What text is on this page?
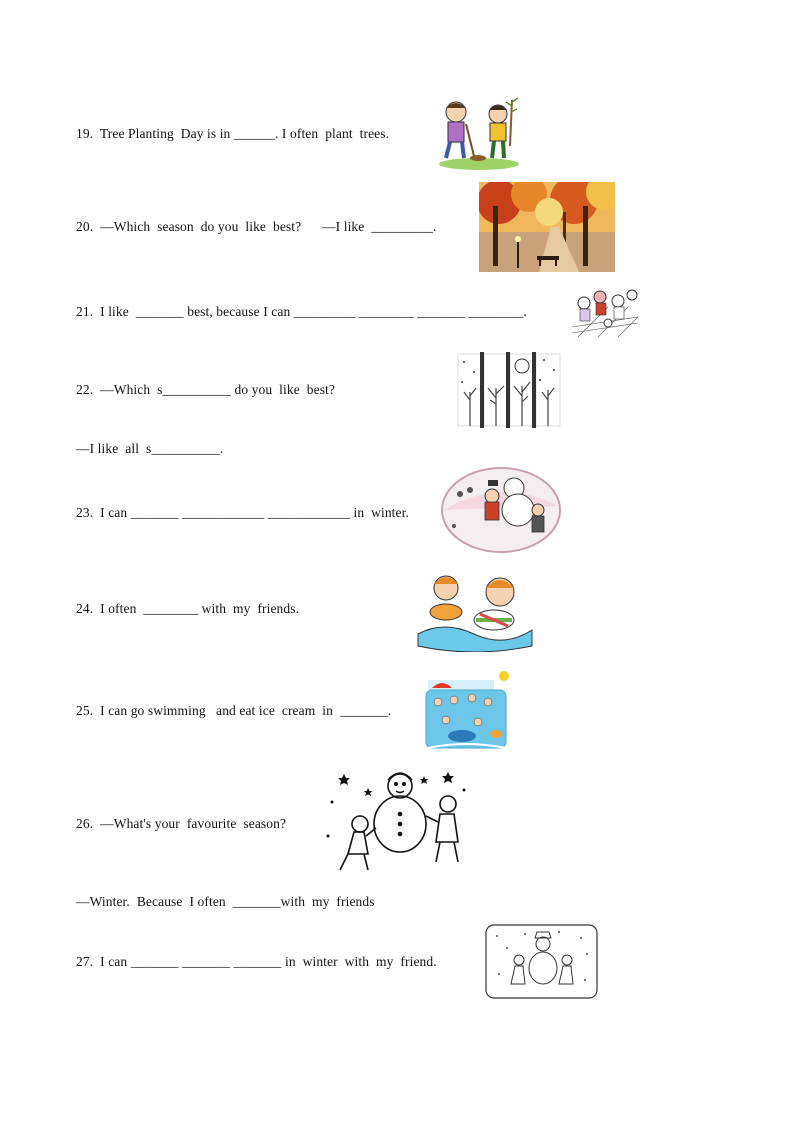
19.  Tree Planting  Day is in ______. I often  plant  trees.
20.  —Which  season  do you  like  best?      —I like  _________.
21.  I like  _______ best, because I can _________ ________ _______ ________.
22.  —Which  s__________ do you  like  best?
—I like  all  s__________.
23.  I can _______ ____________ ____________ in  winter.
24.  I often  ________ with  my  friends.
25.  I can go swimming   and eat ice  cream  in  _______.
26.  —What's your  favourite  season?
—Winter.  Because  I often  _______with  my  friends
27.  I can _______ _______ _______ in  winter  with  my  friend.
